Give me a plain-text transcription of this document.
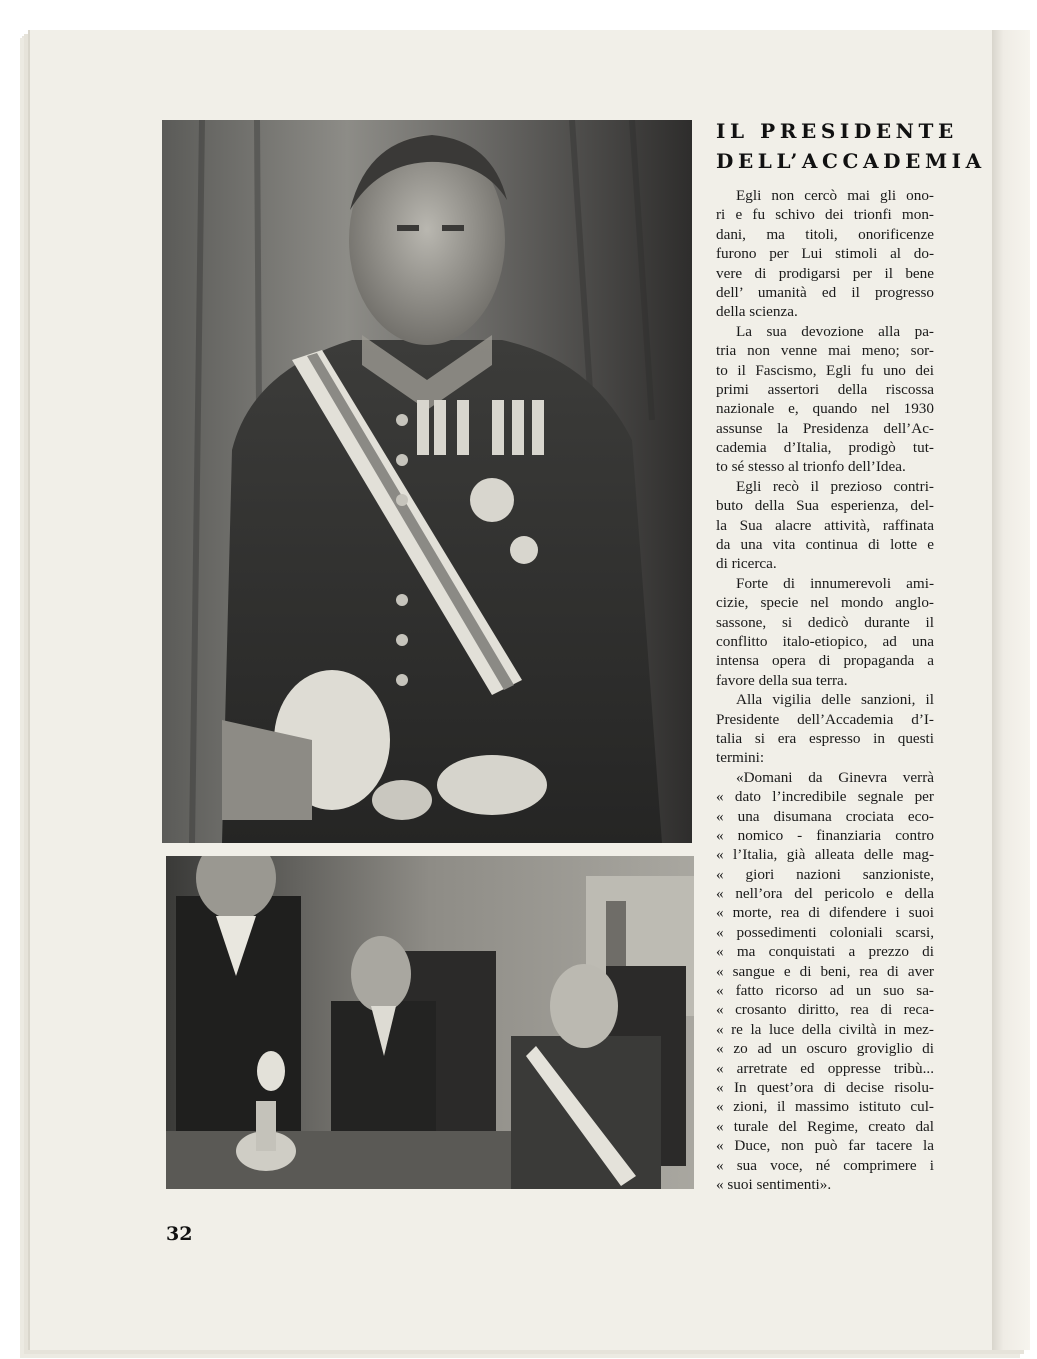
IL PRESIDENTE
DELL’ACCADEMIA
Egli non cercò mai gli ono-
ri e fu schivo dei trionfi mon-
dani, ma titoli, onorificenze
furono per Lui stimoli al do-
vere di prodigarsi per il bene
dell’ umanità ed il progresso
della scienza.
La sua devozione alla pa-
tria non venne mai meno; sor-
to il Fascismo, Egli fu uno dei
primi assertori della riscossa
nazionale e, quando nel 1930
assunse la Presidenza dell’Ac-
cademia d’Italia, prodigò tut-
to sé stesso al trionfo dell’Idea.
Egli recò il prezioso contri-
buto della Sua esperienza, del-
la Sua alacre attività, raffinata
da una vita continua di lotte e
di ricerca.
Forte di innumerevoli ami-
cizie, specie nel mondo anglo-
sassone, si dedicò durante il
conflitto italo-etiopico, ad una
intensa opera di propaganda a
favore della sua terra.
Alla vigilia delle sanzioni, il
Presidente dell’Accademia d’I-
talia si era espresso in questi
termini:
«Domani da Ginevra verrà
« dato l’incredibile segnale per
« una disumana crociata eco-
« nomico - finanziaria contro
« l’Italia, già alleata delle mag-
« giori nazioni sanzioniste,
« nell’ora del pericolo e della
« morte, rea di difendere i suoi
« possedimenti coloniali scarsi,
« ma conquistati a prezzo di
« sangue e di beni, rea di aver
« fatto ricorso ad un suo sa-
« crosanto diritto, rea di reca-
« re la luce della civiltà in mez-
« zo ad un oscuro groviglio di
« arretrate ed oppresse tribù...
« In quest’ora di decise risolu-
« zioni, il massimo istituto cul-
« turale del Regime, creato dal
« Duce, non può far tacere la
« sua voce, né comprimere i
« suoi sentimenti».

32
